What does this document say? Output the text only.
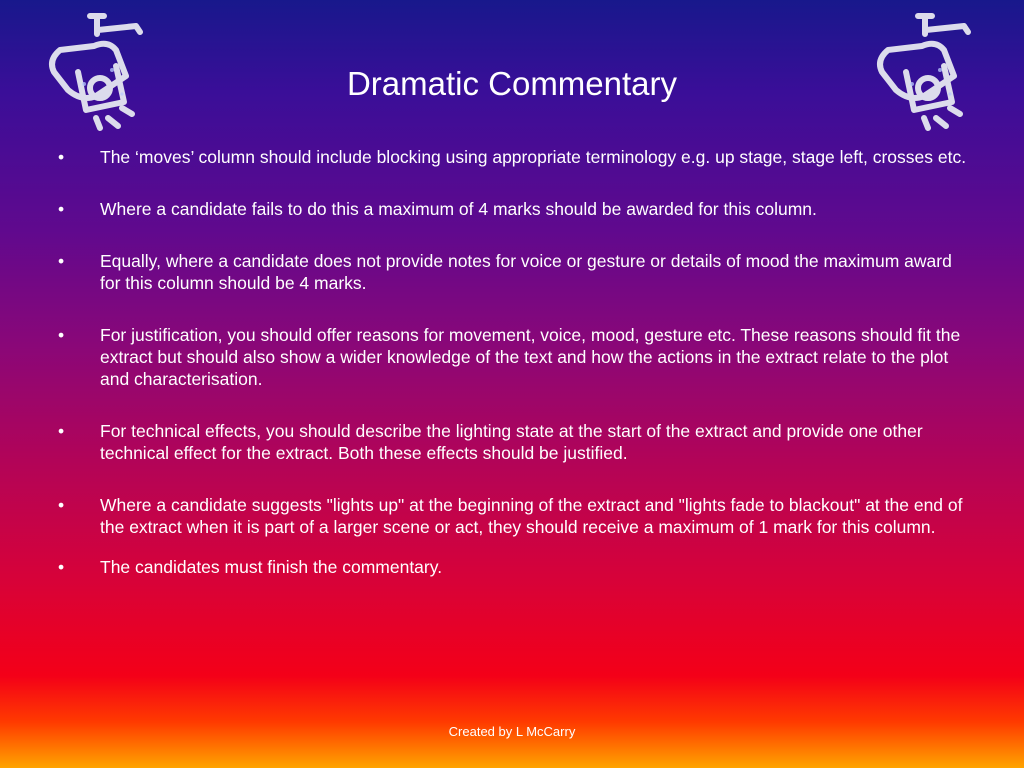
Dramatic Commentary
• The ‘moves’ column should include blocking using appropriate terminology e.g. up stage, stage left, crosses etc.
• Where a candidate fails to do this a maximum of 4 marks should be awarded for this column.
• Equally, where a candidate does not provide notes for voice or gesture or details of mood the maximum award for this column should be 4 marks.
• For justification, you should offer reasons for movement, voice, mood, gesture etc. These reasons should fit the extract but should also show a wider knowledge of the text and how the actions in the extract relate to the plot and characterisation.
• For technical effects, you should describe the lighting state at the start of the extract and provide one other technical effect for the extract. Both these effects should be justified.
• Where a candidate suggests "lights up" at the beginning of the extract and "lights fade to blackout" at the end of the extract when it is part of a larger scene or act, they should receive a maximum of 1 mark for this column.
• The candidates must finish the commentary.
Created by L McCarry
